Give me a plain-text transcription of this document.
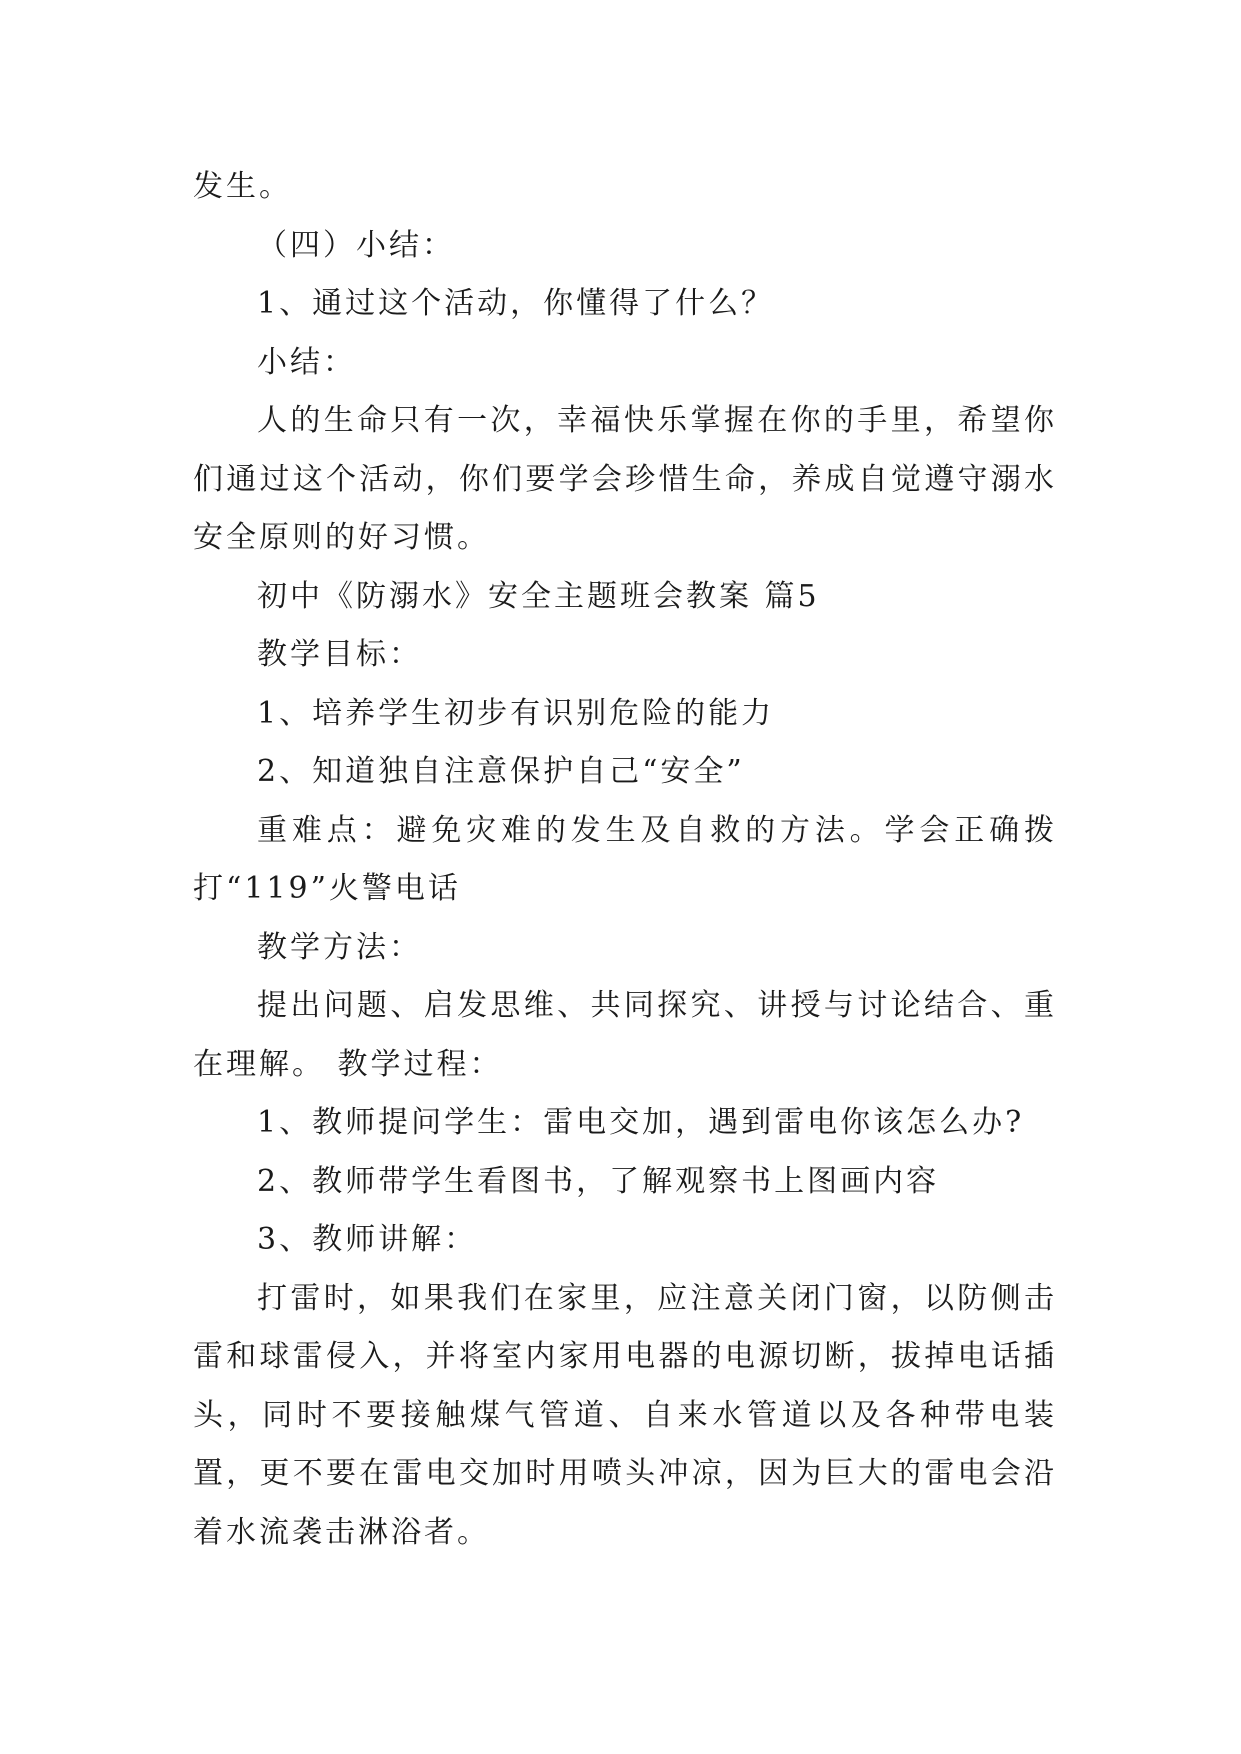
发生。

（四）小结：

1、通过这个活动，你懂得了什么？

小结：

人的生命只有一次，幸福快乐掌握在你的手里，希望你们通过这个活动，你们要学会珍惜生命，养成自觉遵守溺水安全原则的好习惯。

初中《防溺水》安全主题班会教案 篇5

教学目标：

1、培养学生初步有识别危险的能力

2、知道独自注意保护自己“安全”

重难点：避免灾难的发生及自救的方法。学会正确拨打“119”火警电话

教学方法：

提出问题、启发思维、共同探究、讲授与讨论结合、重在理解。 教学过程：

1、教师提问学生：雷电交加，遇到雷电你该怎么办?

2、教师带学生看图书，了解观察书上图画内容

3、教师讲解：

打雷时，如果我们在家里，应注意关闭门窗，以防侧击雷和球雷侵入，并将室内家用电器的电源切断，拔掉电话插头，同时不要接触煤气管道、自来水管道以及各种带电装置，更不要在雷电交加时用喷头冲凉，因为巨大的雷电会沿着水流袭击淋浴者。
